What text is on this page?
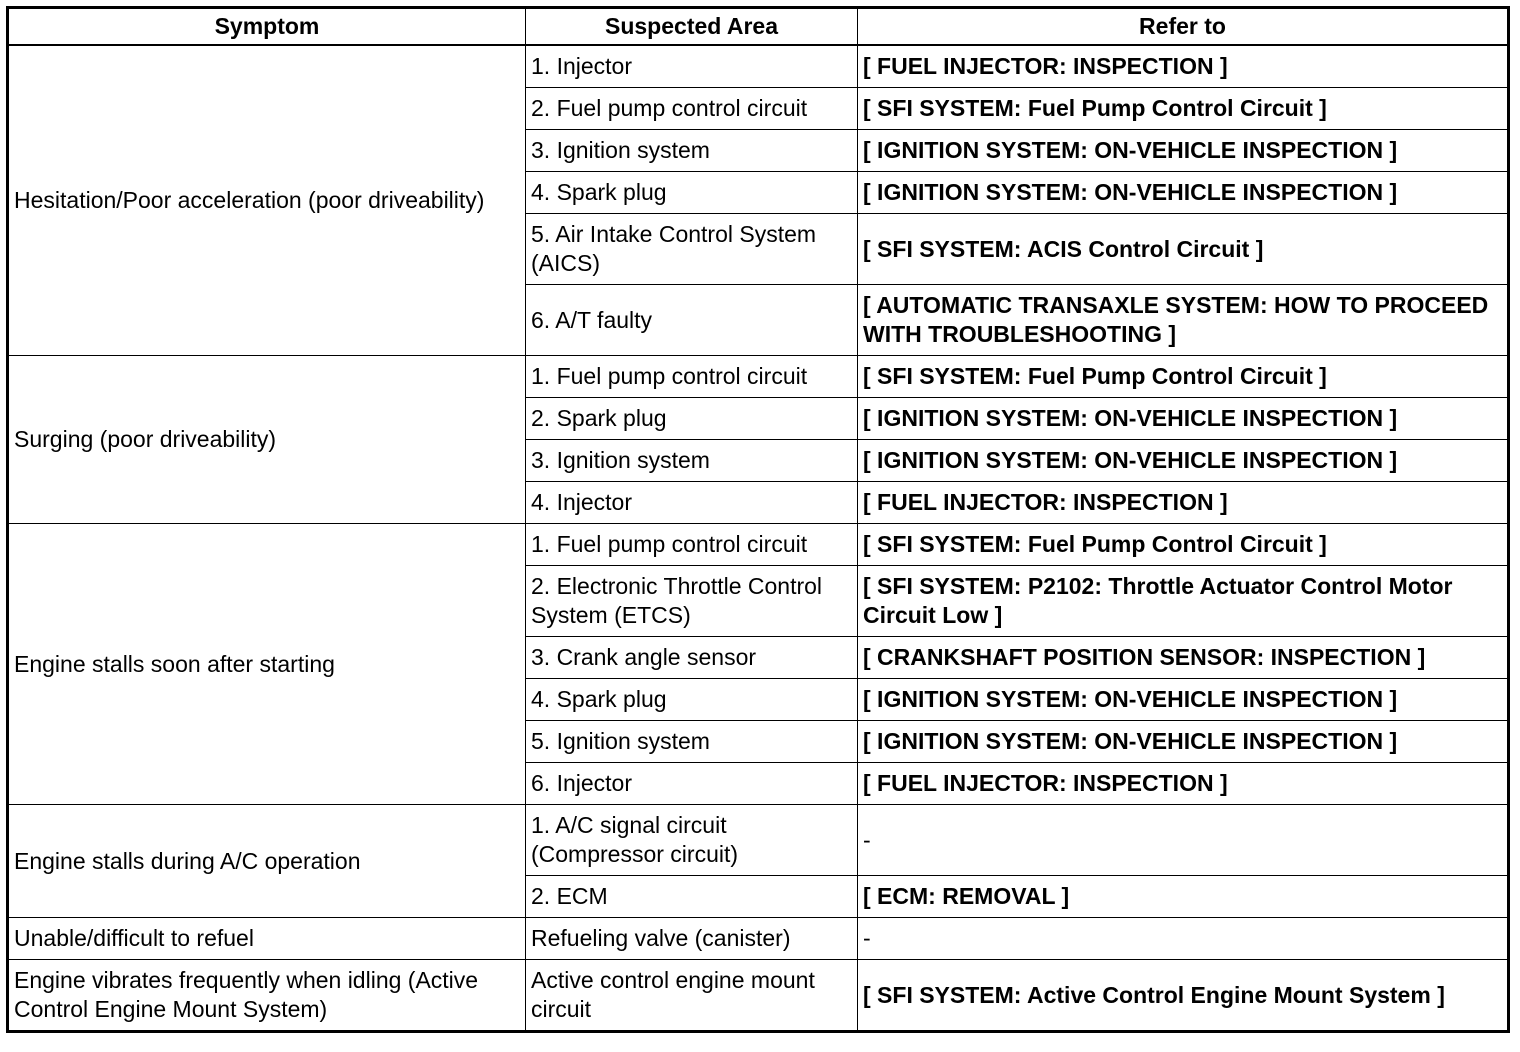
Symptom	Suspected Area	Refer to
Hesitation/Poor acceleration (poor driveability)	1. Injector	[ FUEL INJECTOR: INSPECTION ]
	2. Fuel pump control circuit	[ SFI SYSTEM: Fuel Pump Control Circuit ]
	3. Ignition system	[ IGNITION SYSTEM: ON-VEHICLE INSPECTION ]
	4. Spark plug	[ IGNITION SYSTEM: ON-VEHICLE INSPECTION ]
	5. Air Intake Control System (AICS)	[ SFI SYSTEM: ACIS Control Circuit ]
	6. A/T faulty	[ AUTOMATIC TRANSAXLE SYSTEM: HOW TO PROCEED WITH TROUBLESHOOTING ]
Surging (poor driveability)	1. Fuel pump control circuit	[ SFI SYSTEM: Fuel Pump Control Circuit ]
	2. Spark plug	[ IGNITION SYSTEM: ON-VEHICLE INSPECTION ]
	3. Ignition system	[ IGNITION SYSTEM: ON-VEHICLE INSPECTION ]
	4. Injector	[ FUEL INJECTOR: INSPECTION ]
Engine stalls soon after starting	1. Fuel pump control circuit	[ SFI SYSTEM: Fuel Pump Control Circuit ]
	2. Electronic Throttle Control System (ETCS)	[ SFI SYSTEM: P2102: Throttle Actuator Control Motor Circuit Low ]
	3. Crank angle sensor	[ CRANKSHAFT POSITION SENSOR: INSPECTION ]
	4. Spark plug	[ IGNITION SYSTEM: ON-VEHICLE INSPECTION ]
	5. Ignition system	[ IGNITION SYSTEM: ON-VEHICLE INSPECTION ]
	6. Injector	[ FUEL INJECTOR: INSPECTION ]
Engine stalls during A/C operation	1. A/C signal circuit (Compressor circuit)	-
	2. ECM	[ ECM: REMOVAL ]
Unable/difficult to refuel	Refueling valve (canister)	-
Engine vibrates frequently when idling (Active Control Engine Mount System)	Active control engine mount circuit	[ SFI SYSTEM: Active Control Engine Mount System ]
